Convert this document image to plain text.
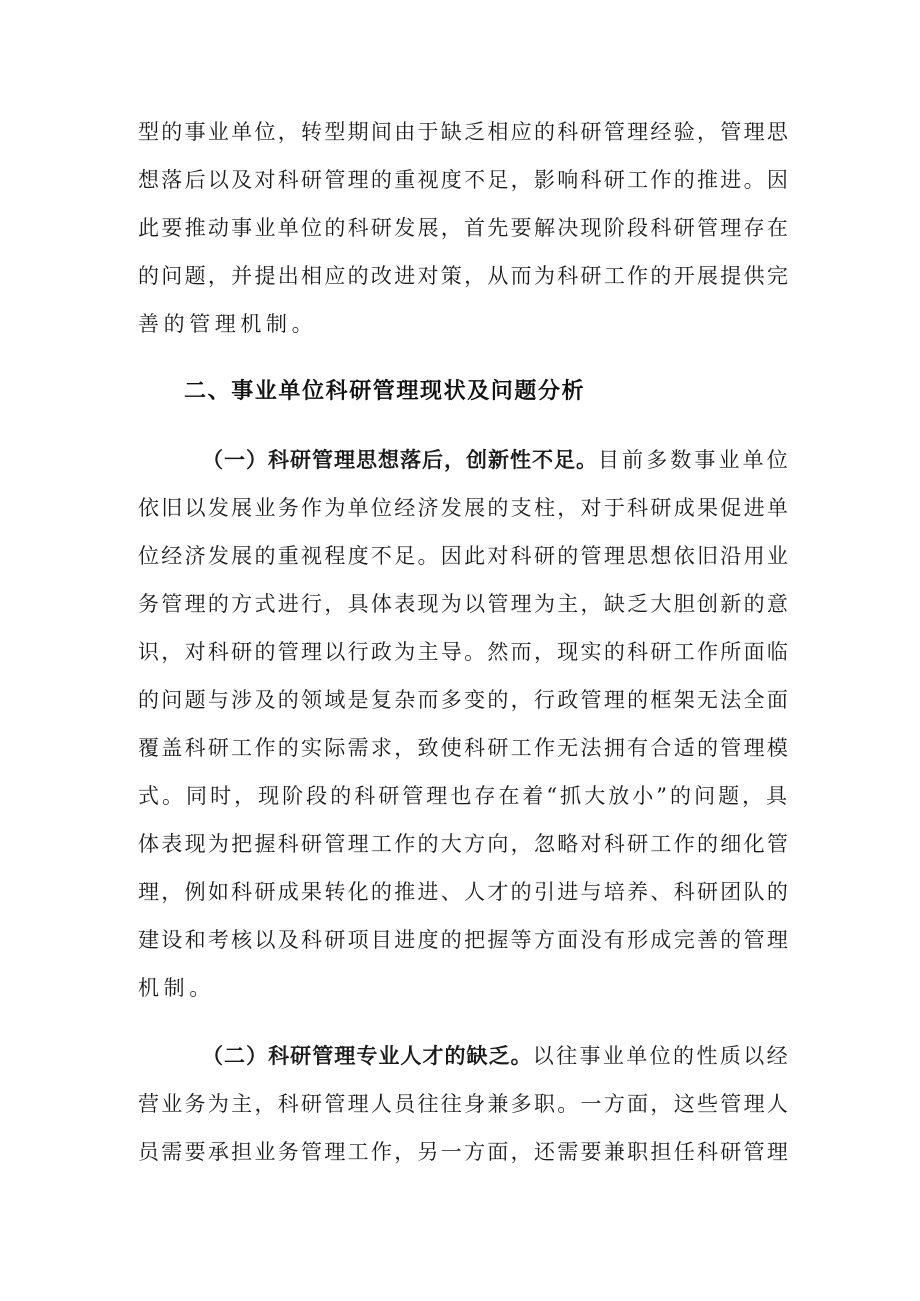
型的事业单位，转型期间由于缺乏相应的科研管理经验，管理思
想落后以及对科研管理的重视度不足，影响科研工作的推进。因
此要推动事业单位的科研发展，首先要解决现阶段科研管理存在
的问题，并提出相应的改进对策，从而为科研工作的开展提供完
善的管理机制。
二、事业单位科研管理现状及问题分析
（一）科研管理思想落后，创新性不足。目前多数事业单位
依旧以发展业务作为单位经济发展的支柱，对于科研成果促进单
位经济发展的重视程度不足。因此对科研的管理思想依旧沿用业
务管理的方式进行，具体表现为以管理为主，缺乏大胆创新的意
识，对科研的管理以行政为主导。然而，现实的科研工作所面临
的问题与涉及的领域是复杂而多变的，行政管理的框架无法全面
覆盖科研工作的实际需求，致使科研工作无法拥有合适的管理模
式。同时，现阶段的科研管理也存在着“抓大放小”的问题，具
体表现为把握科研管理工作的大方向，忽略对科研工作的细化管
理，例如科研成果转化的推进、人才的引进与培养、科研团队的
建设和考核以及科研项目进度的把握等方面没有形成完善的管理
机制。
（二）科研管理专业人才的缺乏。以往事业单位的性质以经
营业务为主，科研管理人员往往身兼多职。一方面，这些管理人
员需要承担业务管理工作，另一方面，还需要兼职担任科研管理
